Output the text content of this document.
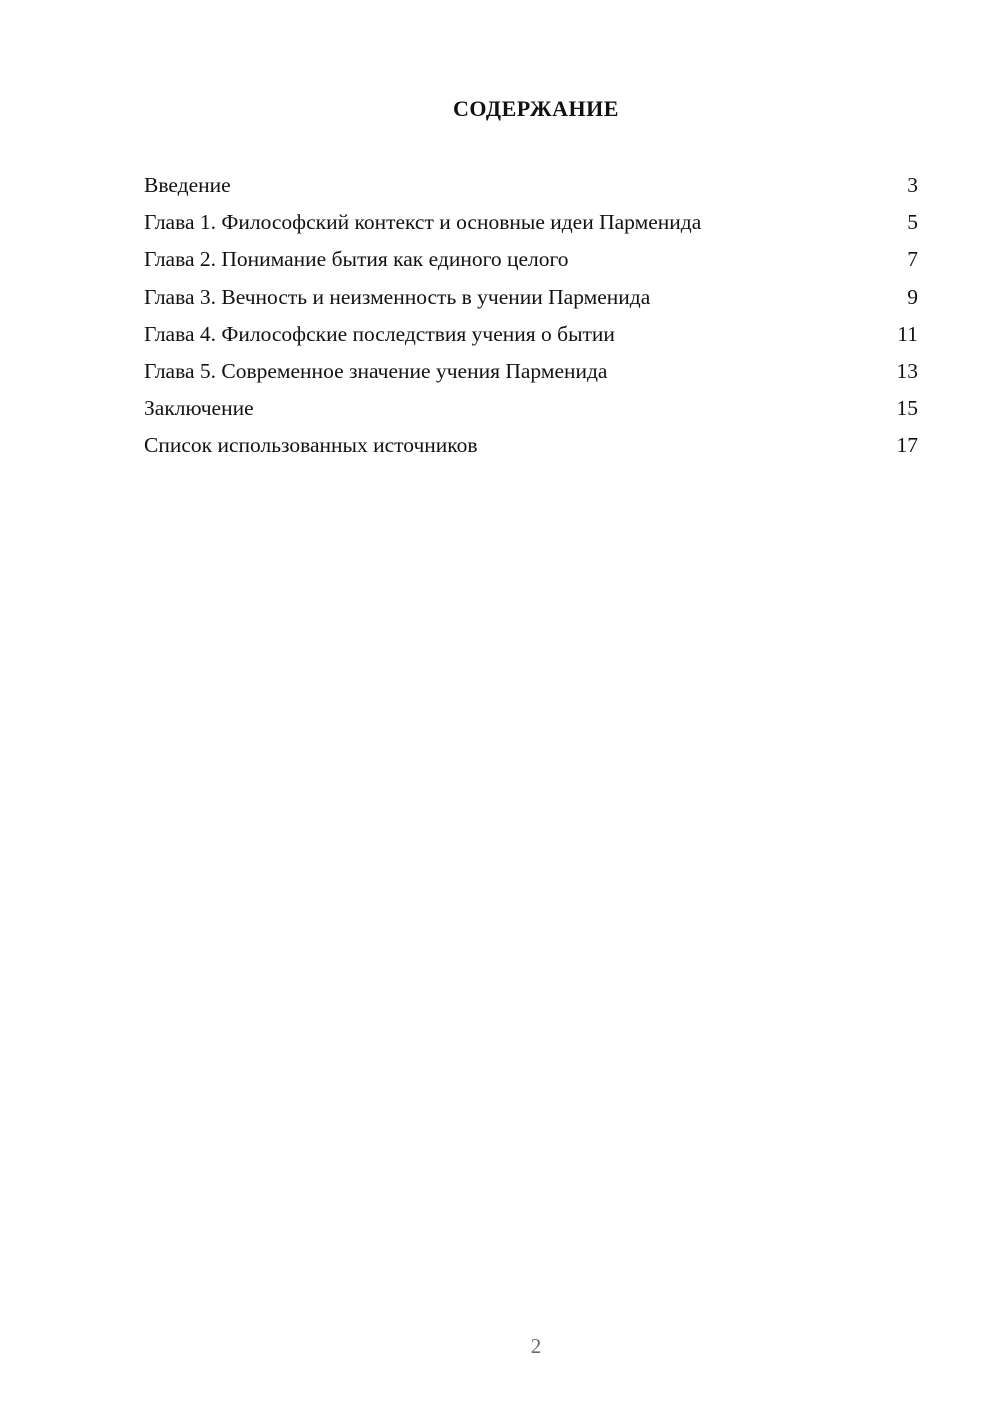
СОДЕРЖАНИЕ
Введение	3
Глава 1. Философский контекст и основные идеи Парменида	5
Глава 2. Понимание бытия как единого целого	7
Глава 3. Вечность и неизменность в учении Парменида	9
Глава 4. Философские последствия учения о бытии	11
Глава 5. Современное значение учения Парменида	13
Заключение	15
Список использованных источников	17
2
